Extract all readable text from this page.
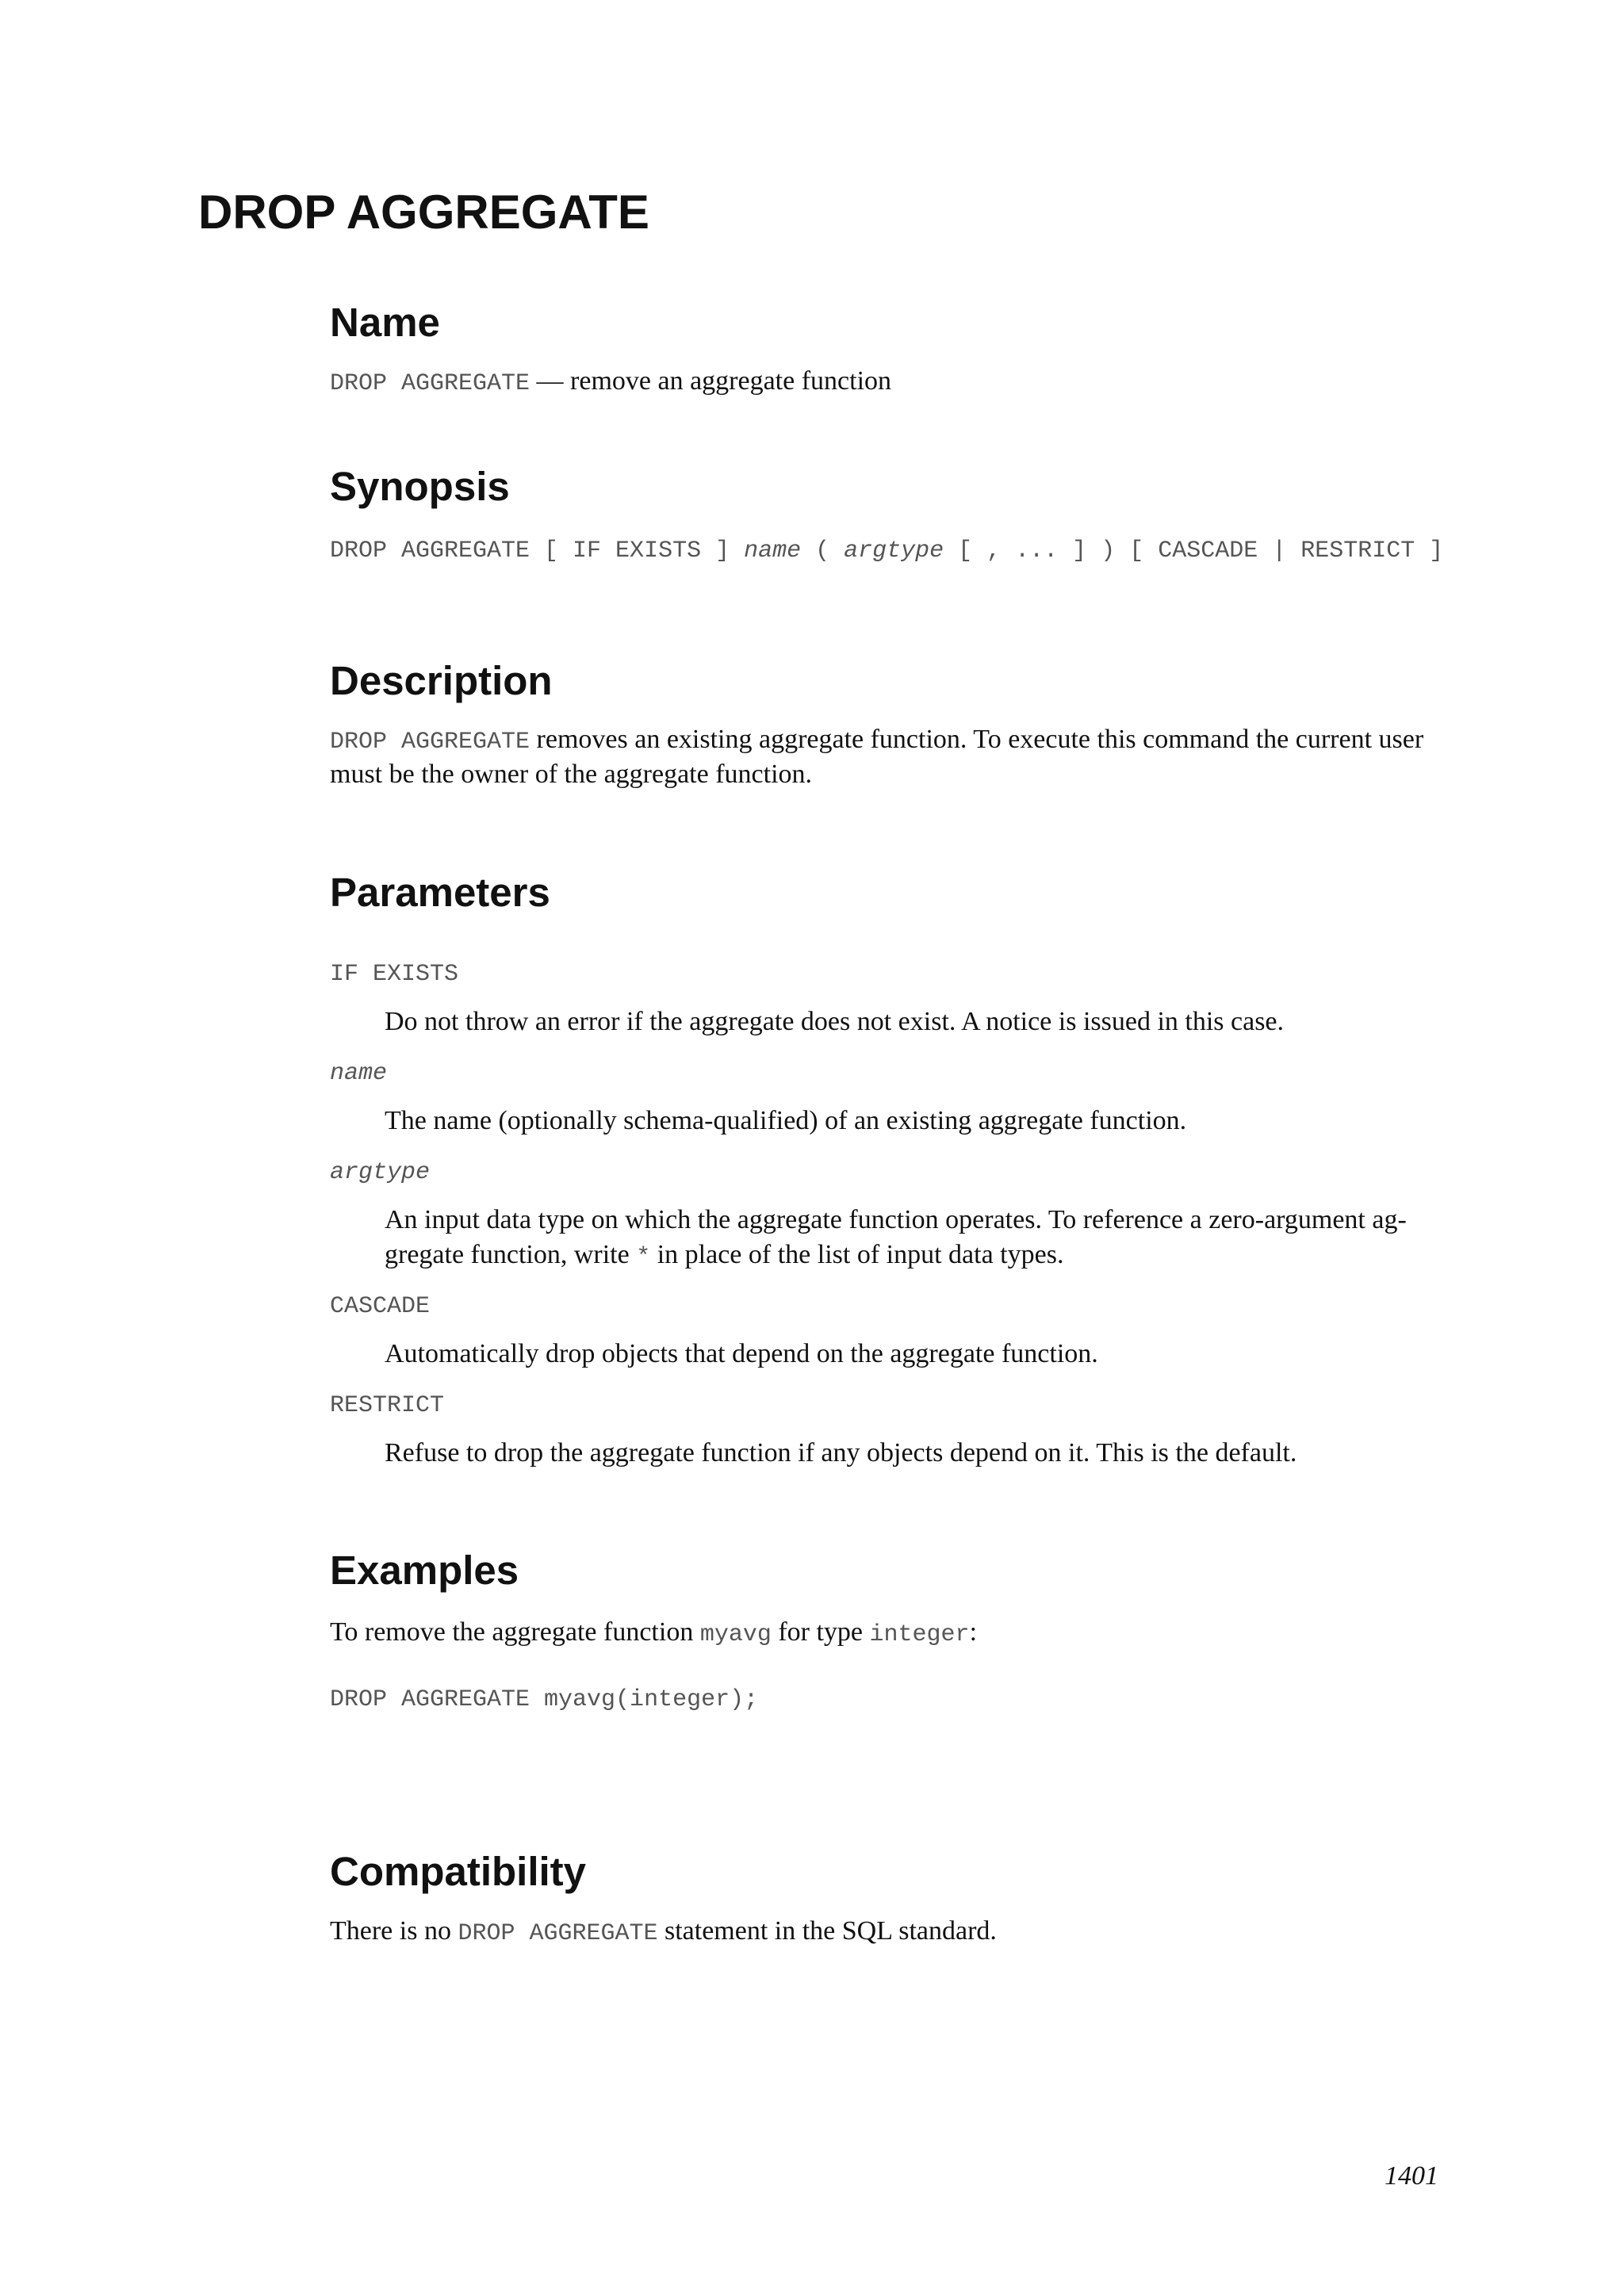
DROP AGGREGATE
Name
DROP AGGREGATE — remove an aggregate function
Synopsis
DROP AGGREGATE [ IF EXISTS ] name ( argtype [ , ... ] ) [ CASCADE | RESTRICT ]
Description
DROP AGGREGATE removes an existing aggregate function. To execute this command the current user
must be the owner of the aggregate function.
Parameters
IF EXISTS
Do not throw an error if the aggregate does not exist. A notice is issued in this case.
name
The name (optionally schema-qualified) of an existing aggregate function.
argtype
An input data type on which the aggregate function operates. To reference a zero-argument ag-
gregate function, write * in place of the list of input data types.
CASCADE
Automatically drop objects that depend on the aggregate function.
RESTRICT
Refuse to drop the aggregate function if any objects depend on it. This is the default.
Examples
To remove the aggregate function myavg for type integer:
DROP AGGREGATE myavg(integer);
Compatibility
There is no DROP AGGREGATE statement in the SQL standard.
1401
